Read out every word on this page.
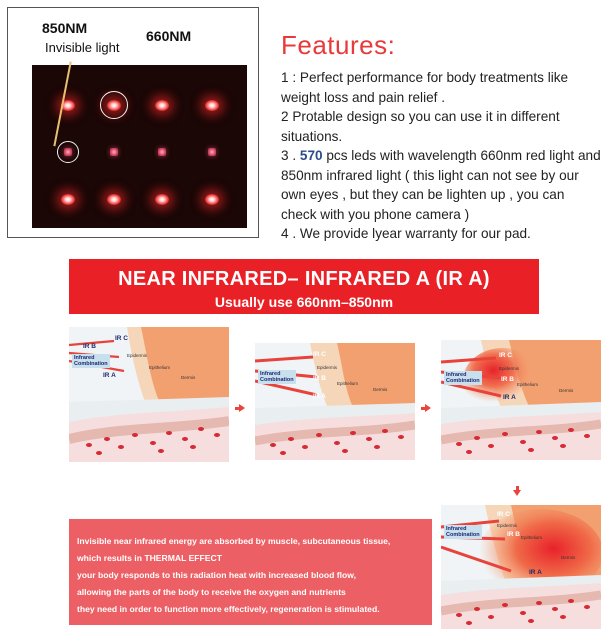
850NM
Invisible light
660NM	Features:

1 : Perfect performance for body treatments like weight loss and pain relief .

2 Protable design so you can use it in different situations.

3 . 570 pcs leds with wavelength 660nm red light and 850nm infrared light ( this light can not see by our own eyes , but they can be lighten up , you can check with you phone camera )

4 . We provide lyear warranty for our pad.

NEAR INFRARED– INFRARED A (IR A)
Usually use 660nm–850nm
IR C
IR B
Infrared
Combination
IR A
Epidermis
Epithelium
Dermis
IR C
IR B
Infrared
Combination
IR A
Epidermis
Epithelium
Dermis
IR C
IR B
Infrared
Combination
IR A
Epidermis
Epithelium
Dermis
IR C
IR B
Infrared
Combination
IR A
Epidermis
Epithelium
Dermis

Invisible near infrared energy are absorbed by muscle, subcutaneous tissue,

which results in THERMAL EFFECT

your body responds to this radiation heat with increased blood flow,

allowing the parts of the body to receive the oxygen and nutrients

they need in order to function more effectively, regeneration is stimulated.
